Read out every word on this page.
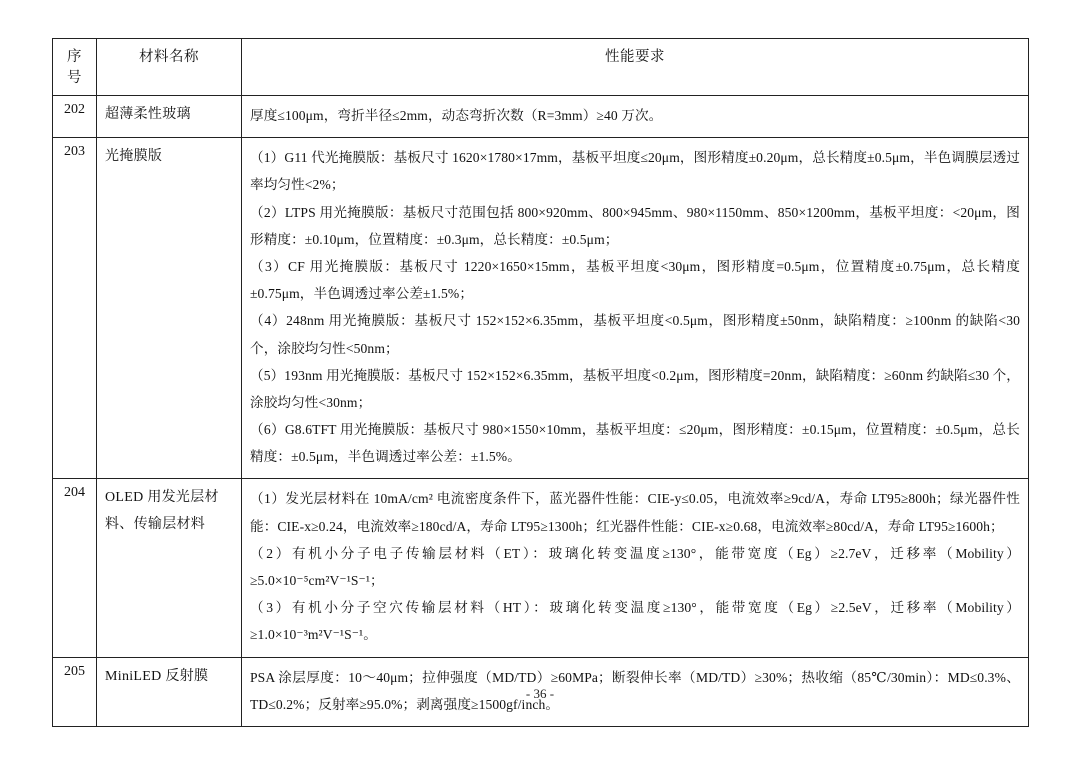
序号	材料名称	性能要求
202	超薄柔性玻璃	厚度≤100μm，弯折半径≤2mm，动态弯折次数（R=3mm）≥40 万次。

203	光掩膜版	（1）G11 代光掩膜版：基板尺寸 1620×1780×17mm，基板平坦度≤20μm，图形精度±0.20μm，总长精度±0.5μm，半色调膜层透过率均匀性<2%；

（2）LTPS 用光掩膜版：基板尺寸范围包括 800×920mm、800×945mm、980×1150mm、850×1200mm，基板平坦度：<20μm，图形精度：±0.10μm，位置精度：±0.3μm，总长精度：±0.5μm；

（3）CF 用光掩膜版：基板尺寸 1220×1650×15mm，基板平坦度<30μm，图形精度=0.5μm，位置精度±0.75μm，总长精度±0.75μm，半色调透过率公差±1.5%；

（4）248nm 用光掩膜版：基板尺寸 152×152×6.35mm，基板平坦度<0.5μm，图形精度±50nm，缺陷精度：≥100nm 的缺陷<30 个，涂胶均匀性<50nm；

（5）193nm 用光掩膜版：基板尺寸 152×152×6.35mm，基板平坦度<0.2μm，图形精度=20nm，缺陷精度：≥60nm 约缺陷≤30 个，涂胶均匀性<30nm；

（6）G8.6TFT 用光掩膜版：基板尺寸 980×1550×10mm，基板平坦度：≤20μm，图形精度：±0.15μm，位置精度：±0.5μm，总长精度：±0.5μm，半色调透过率公差：±1.5%。

204	OLED 用发光层材料、传输层材料	（1）发光层材料在 10mA/cm² 电流密度条件下，蓝光器件性能：CIE-y≤0.05，电流效率≥9cd/A，寿命 LT95≥800h；绿光器件性能：CIE-x≥0.24，电流效率≥180cd/A，寿命 LT95≥1300h；红光器件性能：CIE-x≥0.68，电流效率≥80cd/A，寿命 LT95≥1600h；

（2）有机小分子电子传输层材料（ET）：玻璃化转变温度≥130°，能带宽度（Eg）≥2.7eV，迁移率（Mobility）≥5.0×10⁻⁵cm²V⁻¹S⁻¹；

（3）有机小分子空穴传输层材料（HT）：玻璃化转变温度≥130°，能带宽度（Eg）≥2.5eV，迁移率（Mobility）≥1.0×10⁻³m²V⁻¹S⁻¹。

205	MiniLED 反射膜	PSA 涂层厚度：10～40μm；拉伸强度（MD/TD）≥60MPa；断裂伸长率（MD/TD）≥30%；热收缩（85℃/30min）：MD≤0.3%、TD≤0.2%；反射率≥95.0%；剥离强度≥1500gf/inch。

- 36 -
